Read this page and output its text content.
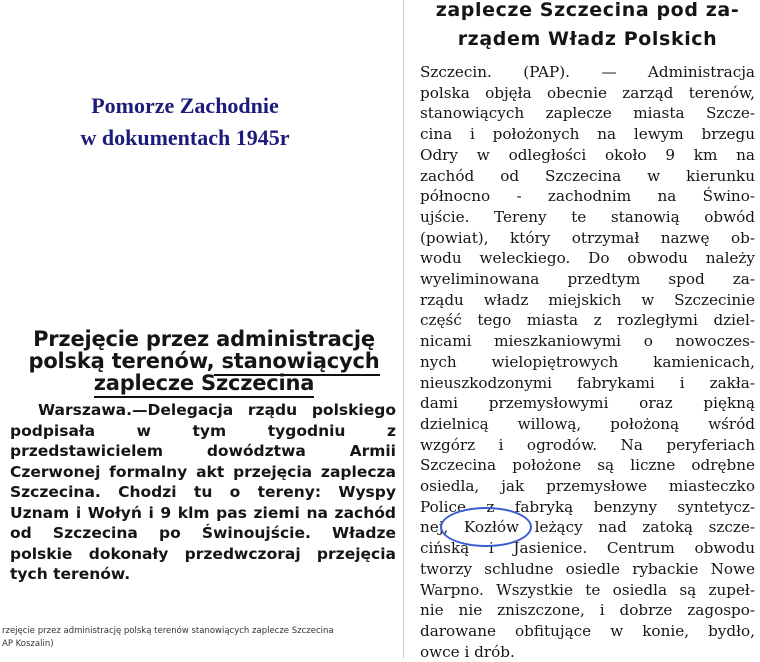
Pomorze Zachodnie
w dokumentach 1945r
Przejęcie przez administrację
polską terenów, stanowiących
zaplecze Szczecina

Warszawa.—Delegacja rządu polskiego podpisała w tym tygodniu z przedstawicielem dowództwa Armii Czerwonej formalny akt przejęcia zaplecza Szczecina. Chodzi tu o tereny: Wyspy Uznam i Wołyń i 9 klm pas ziemi na zachód od Szczecina po Świnoujście. Władze polskie dokonały przedwczoraj przejęcia tych terenów.

rzejęcie przez administrację polską terenów stanowiących zaplecze Szczecina
AP Koszalin)
zaplecze Szczecina pod za-
rządem Władz Polskich
Szczecin. (PAP). — Administracja
polska objęła obecnie zarząd terenów,
stanowiących zaplecze miasta Szcze-
cina i położonych na lewym brzegu
Odry w odległości około 9 km na
zachód od Szczecina w kierunku
północno - zachodnim na Świno-
ujście. Tereny te stanowią obwód
(powiat), który otrzymał nazwę ob-
wodu weleckiego. Do obwodu należy
wyeliminowana przedtym spod za-
rządu władz miejskich w Szczecinie
część tego miasta z rozległymi dziel-
nicami mieszkaniowymi o nowoczes-
nych wielopiętrowych kamienicach,
nieuszkodzonymi fabrykami i zakła-
dami przemysłowymi oraz piękną
dzielnicą willową, położoną wśród
wzgórz i ogrodów. Na peryferiach
Szczecina położone są liczne odrębne
osiedla, jak przemysłowe miasteczko
Police z fabryką benzyny syntetycz-
nej, Kozłów leżący nad zatoką szcze-
cińską i Jasienice. Centrum obwodu
tworzy schludne osiedle rybackie Nowe
Warpno. Wszystkie te osiedla są zupeł-
nie nie zniszczone, i dobrze zagospo-
darowane obfitujące w konie, bydło,
owce i drób.
